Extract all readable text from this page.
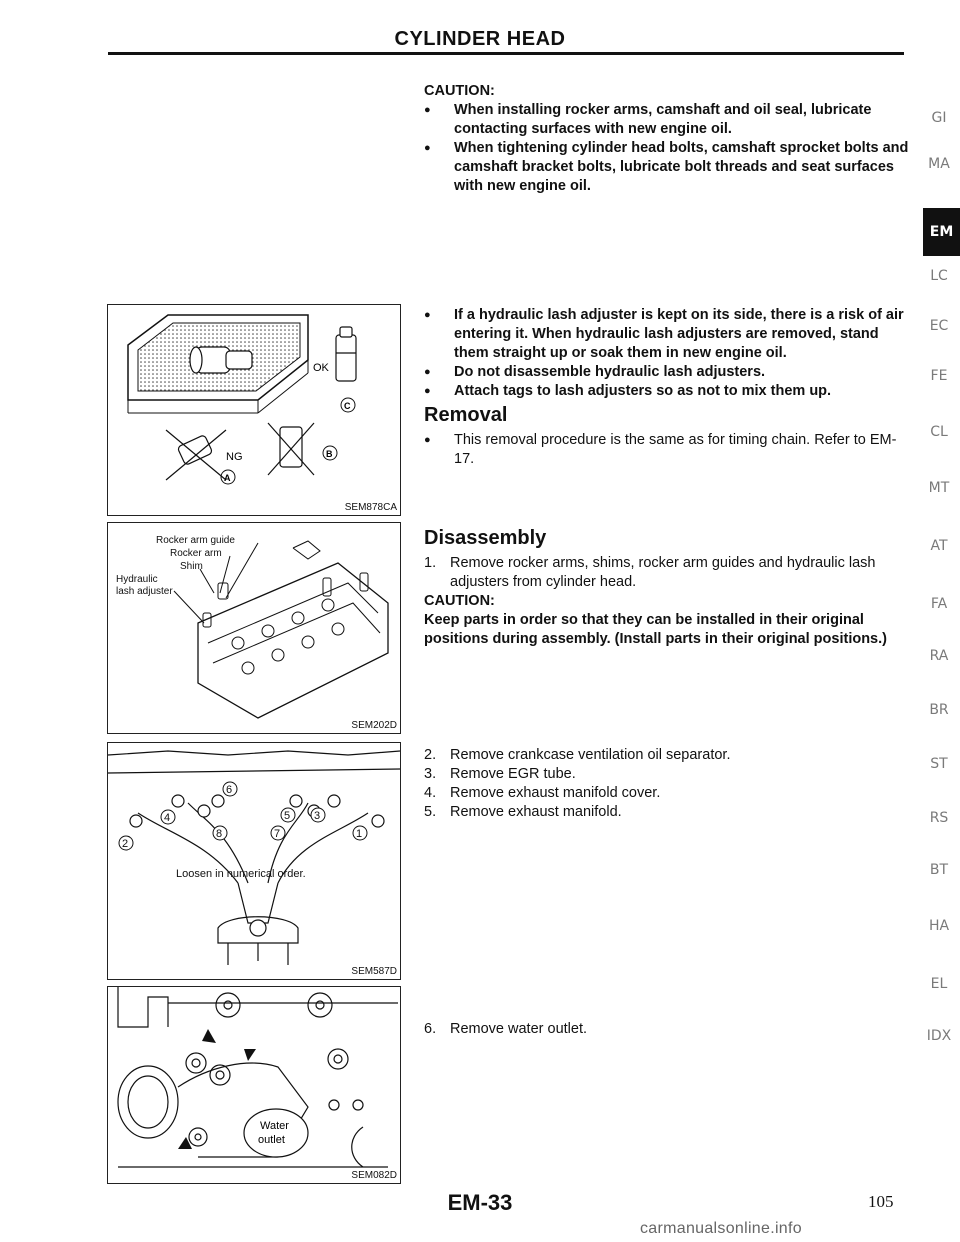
CYLINDER HEAD
CAUTION:
● When installing rocker arms, camshaft and oil seal, lubricate contacting surfaces with new engine oil.
● When tightening cylinder head bolts, camshaft sprocket bolts and camshaft bracket bolts, lubricate bolt threads and seat surfaces with new engine oil.
● If a hydraulic lash adjuster is kept on its side, there is a risk of air entering it. When hydraulic lash adjusters are removed, stand them straight up or soak them in new engine oil.
● Do not disassemble hydraulic lash adjusters.
● Attach tags to lash adjusters so as not to mix them up.
Removal
● This removal procedure is the same as for timing chain. Refer to EM-17.
Disassembly
1. Remove rocker arms, shims, rocker arm guides and hydraulic lash adjusters from cylinder head.
CAUTION:
Keep parts in order so that they can be installed in their original positions during assembly. (Install parts in their original positions.)
2. Remove crankcase ventilation oil separator.
3. Remove EGR tube.
4. Remove exhaust manifold cover.
5. Remove exhaust manifold.
6. Remove water outlet.
OK
C
NG
A
B
SEM878CA
Rocker arm guide
Rocker arm
Shim
Hydraulic
lash adjuster
SEM202D
1
2
3
4	5
6
7
8
Loosen in numerical order.
SEM587D
Water
outlet
SEM082D
GI
MA
EM
LC
EC
FE
CL
MT
AT
FA
RA
BR
ST
RS
BT
HA
EL
IDX
EM-33	105
carmanualsonline.info
